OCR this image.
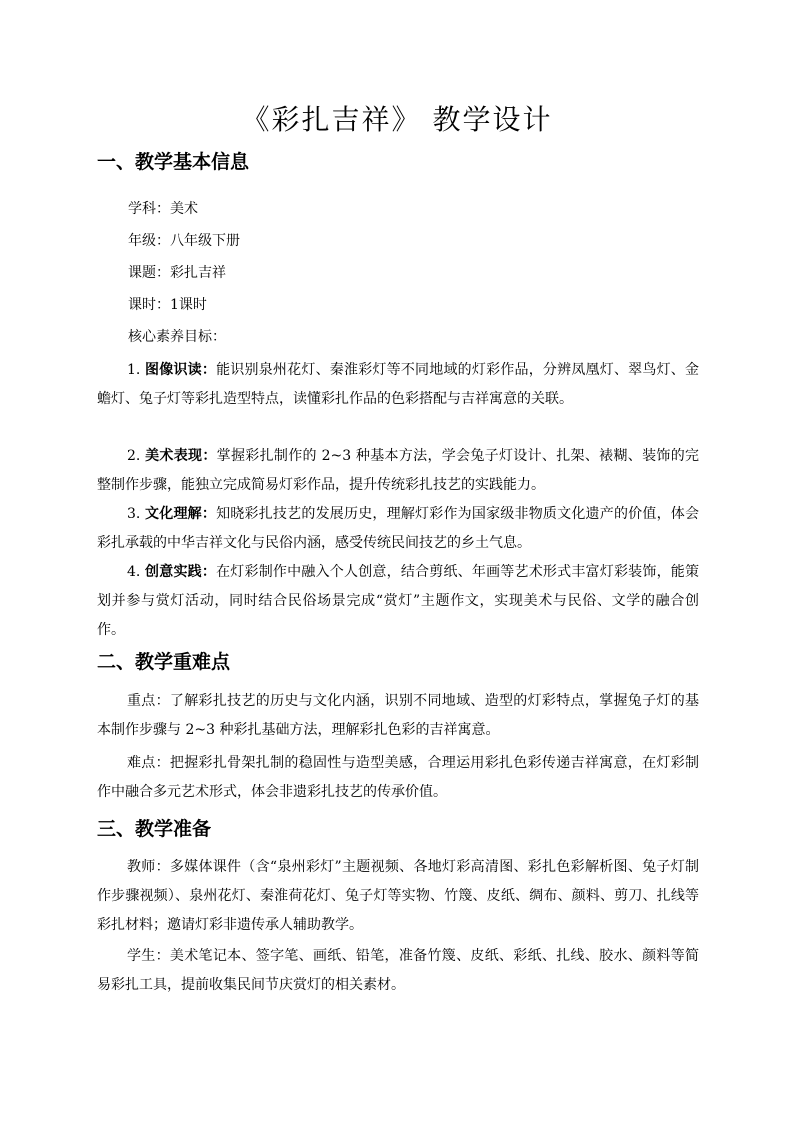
《彩扎吉祥》 教学设计
一、教学基本信息

学科：美术

年级：八年级下册

课题：彩扎吉祥

课时：1课时

核心素养目标：

1. 图像识读：能识别泉州花灯、秦淮彩灯等不同地域的灯彩作品，分辨凤凰灯、翠鸟灯、金蟾灯、兔子灯等彩扎造型特点，读懂彩扎作品的色彩搭配与吉祥寓意的关联。

2. 美术表现：掌握彩扎制作的 2~3 种基本方法，学会兔子灯设计、扎架、裱糊、装饰的完整制作步骤，能独立完成简易灯彩作品，提升传统彩扎技艺的实践能力。

3. 文化理解：知晓彩扎技艺的发展历史，理解灯彩作为国家级非物质文化遗产的价值，体会彩扎承载的中华吉祥文化与民俗内涵，感受传统民间技艺的乡土气息。

4. 创意实践：在灯彩制作中融入个人创意，结合剪纸、年画等艺术形式丰富灯彩装饰，能策划并参与赏灯活动，同时结合民俗场景完成“赏灯”主题作文，实现美术与民俗、文学的融合创作。

二、教学重难点

重点：了解彩扎技艺的历史与文化内涵，识别不同地域、造型的灯彩特点，掌握兔子灯的基本制作步骤与 2~3 种彩扎基础方法，理解彩扎色彩的吉祥寓意。

难点：把握彩扎骨架扎制的稳固性与造型美感，合理运用彩扎色彩传递吉祥寓意，在灯彩制作中融合多元艺术形式，体会非遗彩扎技艺的传承价值。

三、教学准备

教师：多媒体课件（含“泉州彩灯”主题视频、各地灯彩高清图、彩扎色彩解析图、兔子灯制作步骤视频）、泉州花灯、秦淮荷花灯、兔子灯等实物、竹篾、皮纸、绸布、颜料、剪刀、扎线等彩扎材料；邀请灯彩非遗传承人辅助教学。

学生：美术笔记本、签字笔、画纸、铅笔，准备竹篾、皮纸、彩纸、扎线、胶水、颜料等简易彩扎工具，提前收集民间节庆赏灯的相关素材。
